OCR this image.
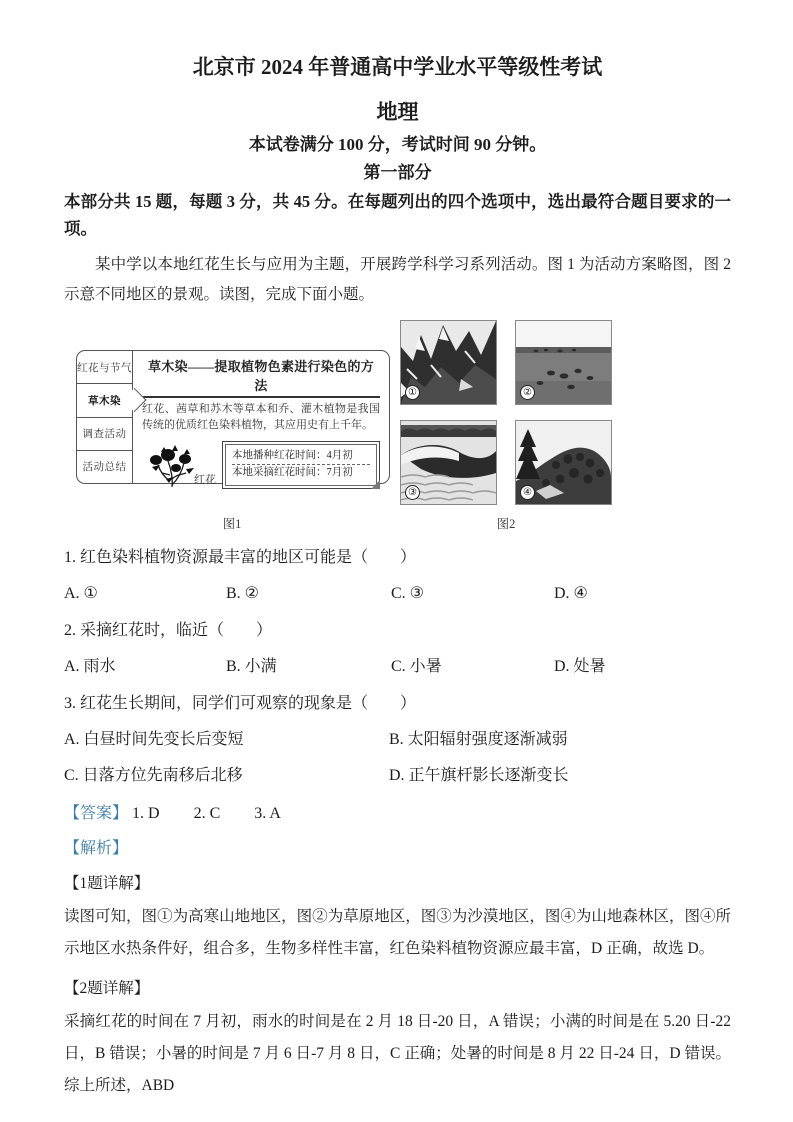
北京市 2024 年普通高中学业水平等级性考试
地理
本试卷满分 100 分，考试时间 90 分钟。
第一部分
本部分共 15 题，每题 3 分，共 45 分。在每题列出的四个选项中，选出最符合题目要求的一项。
某中学以本地红花生长与应用为主题，开展跨学科学习系列活动。图 1 为活动方案略图，图 2 示意不同地区的景观。读图，完成下面小题。
红花与节气
草木染
调查活动
活动总结
草木染——提取植物色素进行染色的方法
红花、茜草和苏木等草本和乔、灌木植物是我国传统的优质红色染料植物，其应用史有上千年。
红花
本地播种红花时间：4月初
本地采摘红花时间：7月初
图1
①	②
③	④
图2
1. 红色染料植物资源最丰富的地区可能是（　　）
A. ①	B. ②	C. ③	D. ④
2. 采摘红花时，临近（　　）
A. 雨水	B. 小满	C. 小暑	D. 处暑
3. 红花生长期间，同学们可观察的现象是（　　）
A. 白昼时间先变长后变短	B. 太阳辐射强度逐渐减弱
C. 日落方位先南移后北移	D. 正午旗杆影长逐渐变长
【答案】 1. D 2. C 3. A
【解析】
【1题详解】
读图可知，图①为高寒山地地区，图②为草原地区，图③为沙漠地区，图④为山地森林区，图④所示地区水热条件好，组合多，生物多样性丰富，红色染料植物资源应最丰富，D 正确，故选 D。
【2题详解】
采摘红花的时间在 7 月初，雨水的时间是在 2 月 18 日-20 日，A 错误；小满的时间是在 5.20 日-22 日，B 错误；小暑的时间是 7 月 6 日-7 月 8 日，C 正确；处暑的时间是 8 月 22 日-24 日，D 错误。综上所述，ABD
